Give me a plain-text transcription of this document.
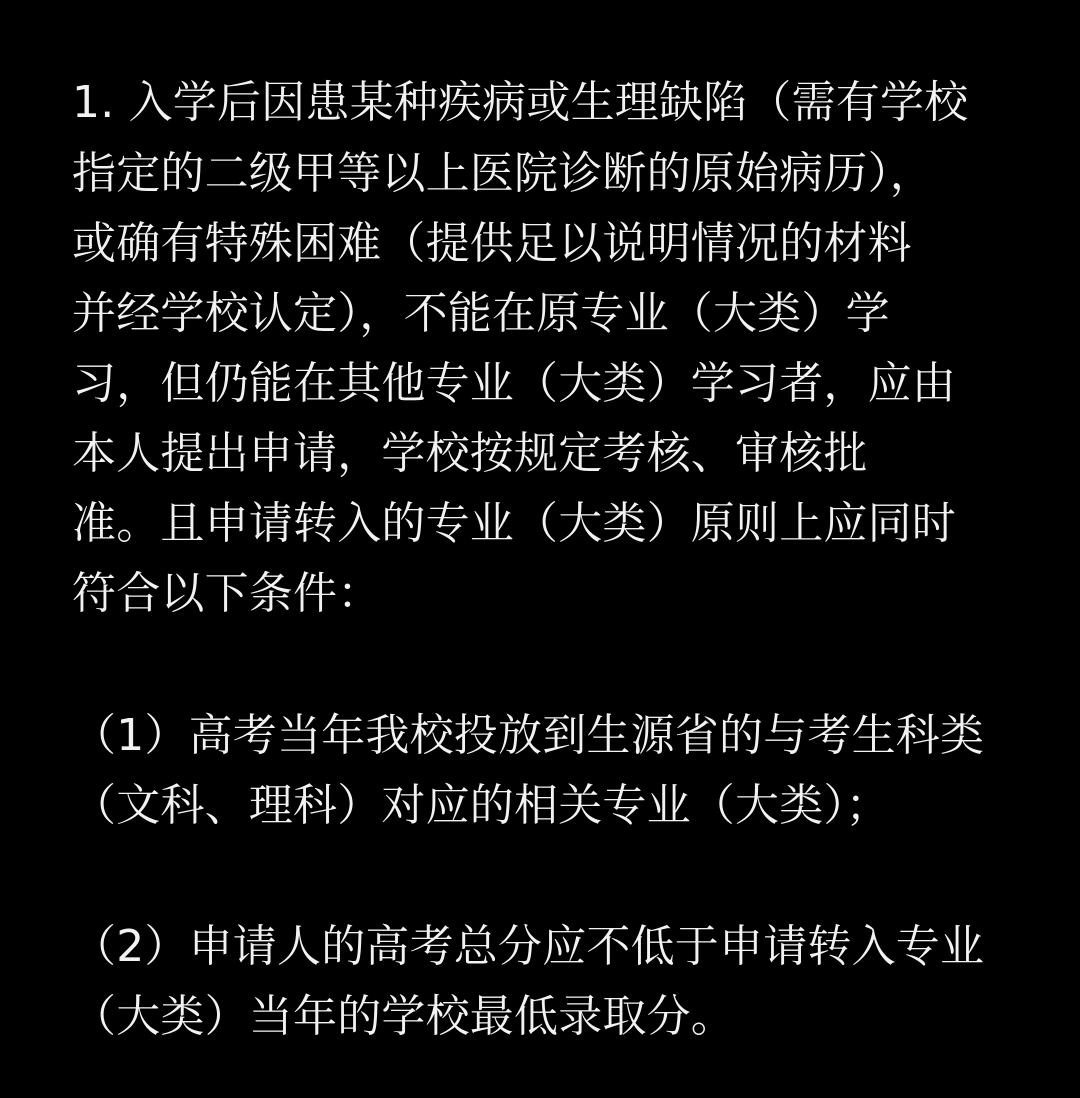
1. 入学后因患某种疾病或生理缺陷（需有学校

指定的二级甲等以上医院诊断的原始病历），

或确有特殊困难（提供足以说明情况的材料

并经学校认定），不能在原专业（大类）学

习，但仍能在其他专业（大类）学习者，应由

本人提出申请，学校按规定考核、审核批

准。且申请转入的专业（大类）原则上应同时

符合以下条件：

（1）高考当年我校投放到生源省的与考生科类

（文科、理科）对应的相关专业（大类）；

（2）申请人的高考总分应不低于申请转入专业

（大类）当年的学校最低录取分。
